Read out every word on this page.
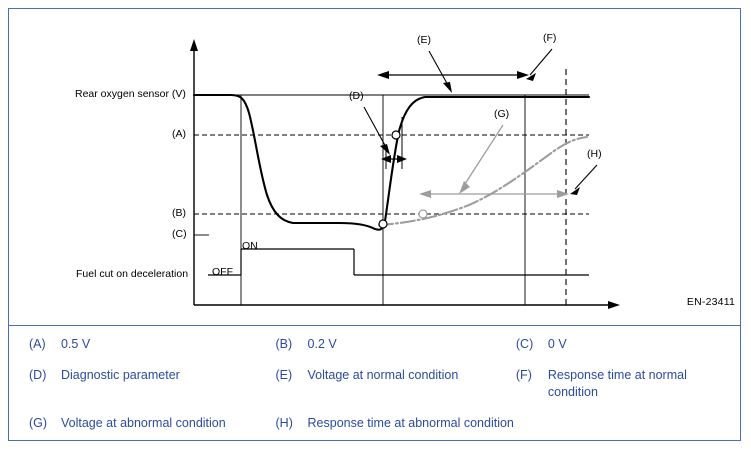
Rear oxygen sensor (V)
Fuel cut on deceleration
ON
OFF
(A)
(B)
(C)
(D)
(E)	(F)
(G)
(H)
EN-23411
(A)	0.5 V	(B)	0.2 V	(C)	0 V
(D)	Diagnostic parameter	(E)	Voltage at normal condition	(F)	Response time at normal condition
(G)	Voltage at abnormal condition	(H)	Response time at abnormal condition
